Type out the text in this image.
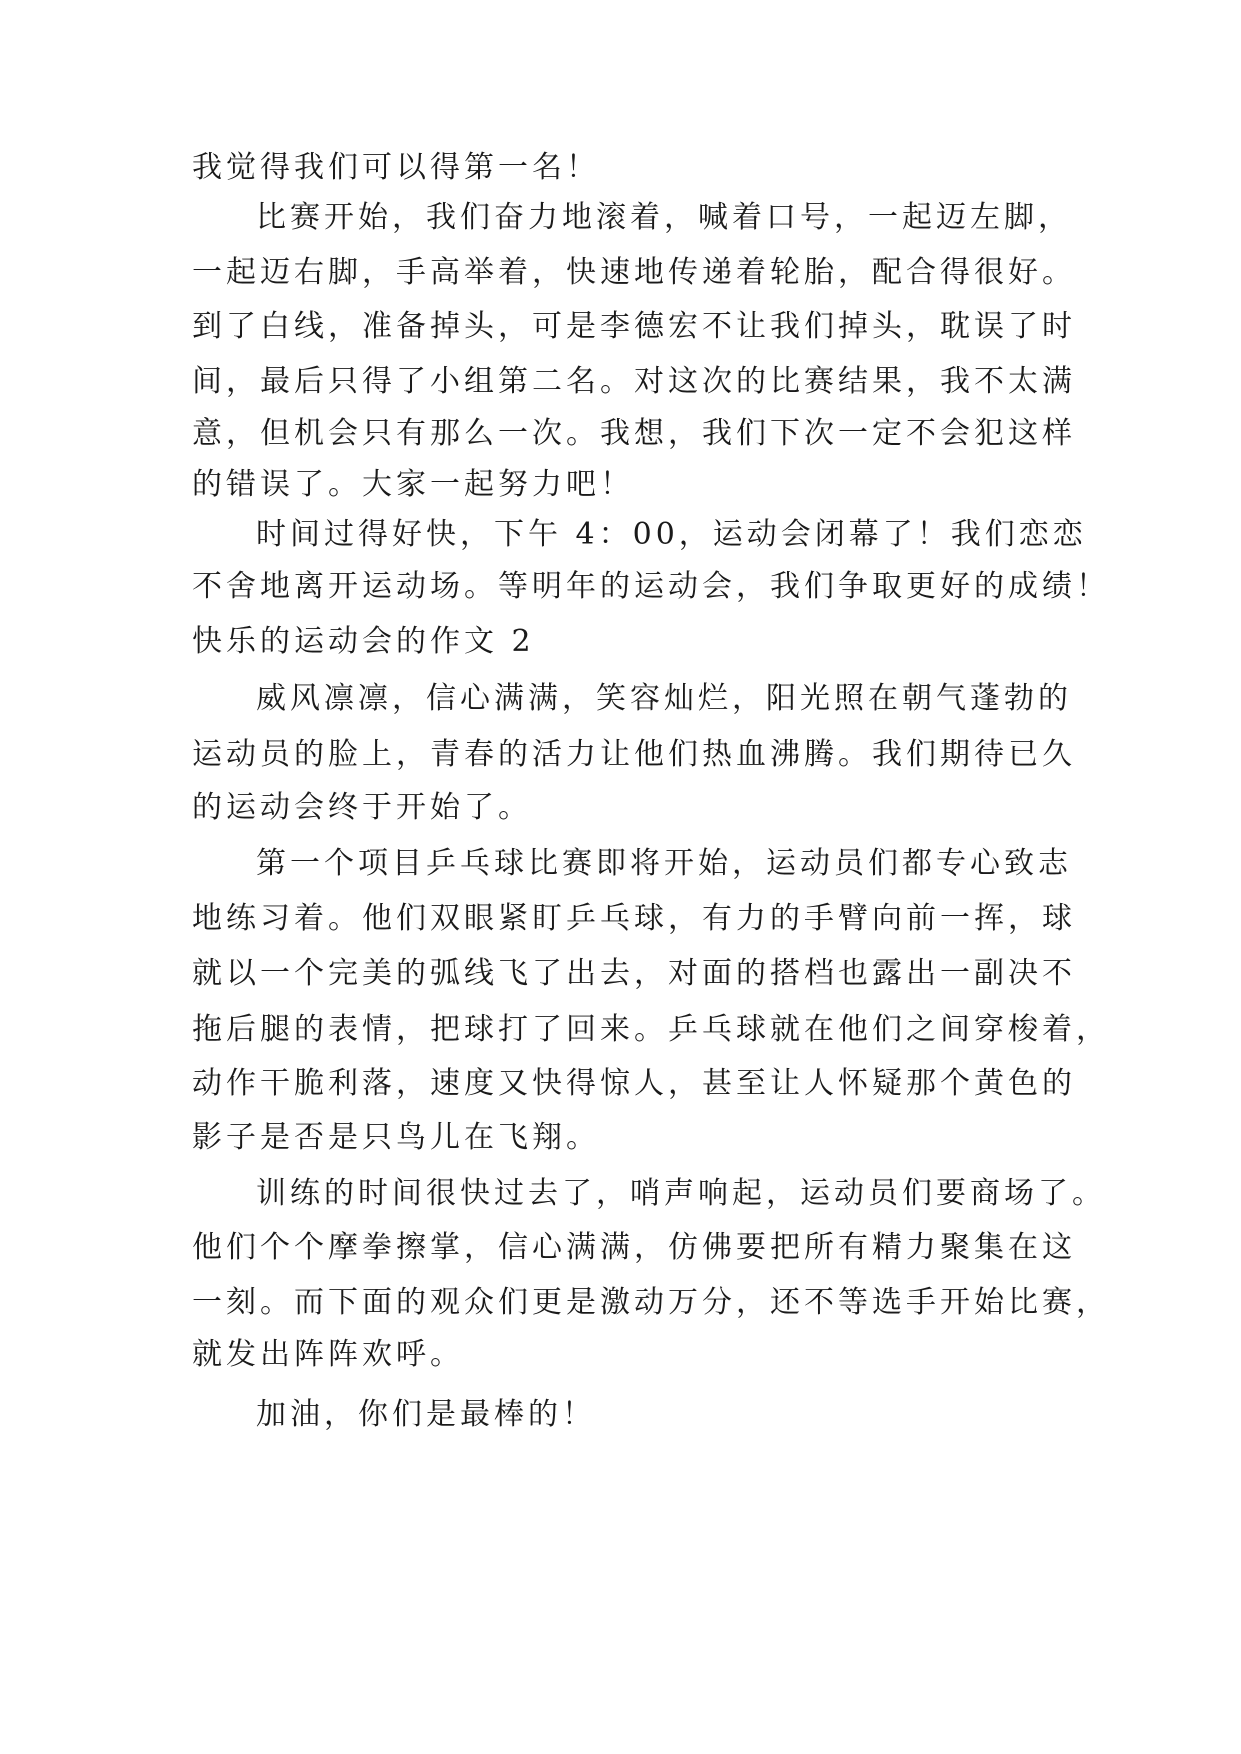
我觉得我们可以得第一名！
比赛开始，我们奋力地滚着，喊着口号，一起迈左脚，
一起迈右脚，手高举着，快速地传递着轮胎，配合得很好。
到了白线，准备掉头，可是李德宏不让我们掉头，耽误了时
间，最后只得了小组第二名。对这次的比赛结果，我不太满
意，但机会只有那么一次。我想，我们下次一定不会犯这样
的错误了。大家一起努力吧！
时间过得好快，下午 4：00，运动会闭幕了！我们恋恋
不舍地离开运动场。等明年的运动会，我们争取更好的成绩！
快乐的运动会的作文 2
威风凛凛，信心满满，笑容灿烂，阳光照在朝气蓬勃的
运动员的脸上，青春的活力让他们热血沸腾。我们期待已久
的运动会终于开始了。
第一个项目乒乓球比赛即将开始，运动员们都专心致志
地练习着。他们双眼紧盯乒乓球，有力的手臂向前一挥，球
就以一个完美的弧线飞了出去，对面的搭档也露出一副决不
拖后腿的表情，把球打了回来。乒乓球就在他们之间穿梭着，
动作干脆利落，速度又快得惊人，甚至让人怀疑那个黄色的
影子是否是只鸟儿在飞翔。
训练的时间很快过去了，哨声响起，运动员们要商场了。
他们个个摩拳擦掌，信心满满，仿佛要把所有精力聚集在这
一刻。而下面的观众们更是激动万分，还不等选手开始比赛，
就发出阵阵欢呼。
加油，你们是最棒的！
